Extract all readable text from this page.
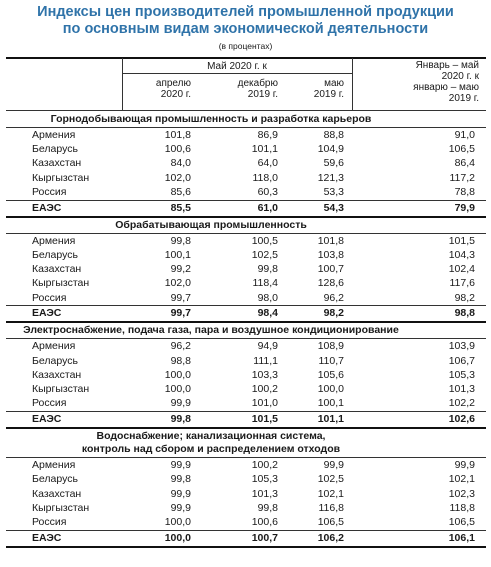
Индексы цен производителей промышленной продукции
по основным видам экономической деятельности
(в процентах)
Май 2020 г. к
апрелю
2020 г.
декабрю
2019 г.
маю
2019 г.
Январь – май
2020 г. к
январю – маю
2019 г.
Горнодобывающая промышленность и разработка карьеров
Армения	101,8	86,9	88,8	91,0
Беларусь	100,6	101,1	104,9	106,5
Казахстан	84,0	64,0	59,6	86,4
Кыргызстан	102,0	118,0	121,3	117,2
Россия	85,6	60,3	53,3	78,8
ЕАЭС	85,5	61,0	54,3	79,9
Обрабатывающая промышленность
Армения	99,8	100,5	101,8	101,5
Беларусь	100,1	102,5	103,8	104,3
Казахстан	99,2	99,8	100,7	102,4
Кыргызстан	102,0	118,4	128,6	117,6
Россия	99,7	98,0	96,2	98,2
ЕАЭС	99,7	98,4	98,2	98,8
Электроснабжение, подача газа, пара и воздушное кондиционирование
Армения	96,2	94,9	108,9	103,9
Беларусь	98,8	111,1	110,7	106,7
Казахстан	100,0	103,3	105,6	105,3
Кыргызстан	100,0	100,2	100,0	101,3
Россия	99,9	101,0	100,1	102,2
ЕАЭС	99,8	101,5	101,1	102,6
Водоснабжение; канализационная система,
контроль над сбором и распределением отходов
Армения	99,9	100,2	99,9	99,9
Беларусь	99,8	105,3	102,5	102,1
Казахстан	99,9	101,3	102,1	102,3
Кыргызстан	99,9	99,8	116,8	118,8
Россия	100,0	100,6	106,5	106,5
ЕАЭС	100,0	100,7	106,2	106,1
